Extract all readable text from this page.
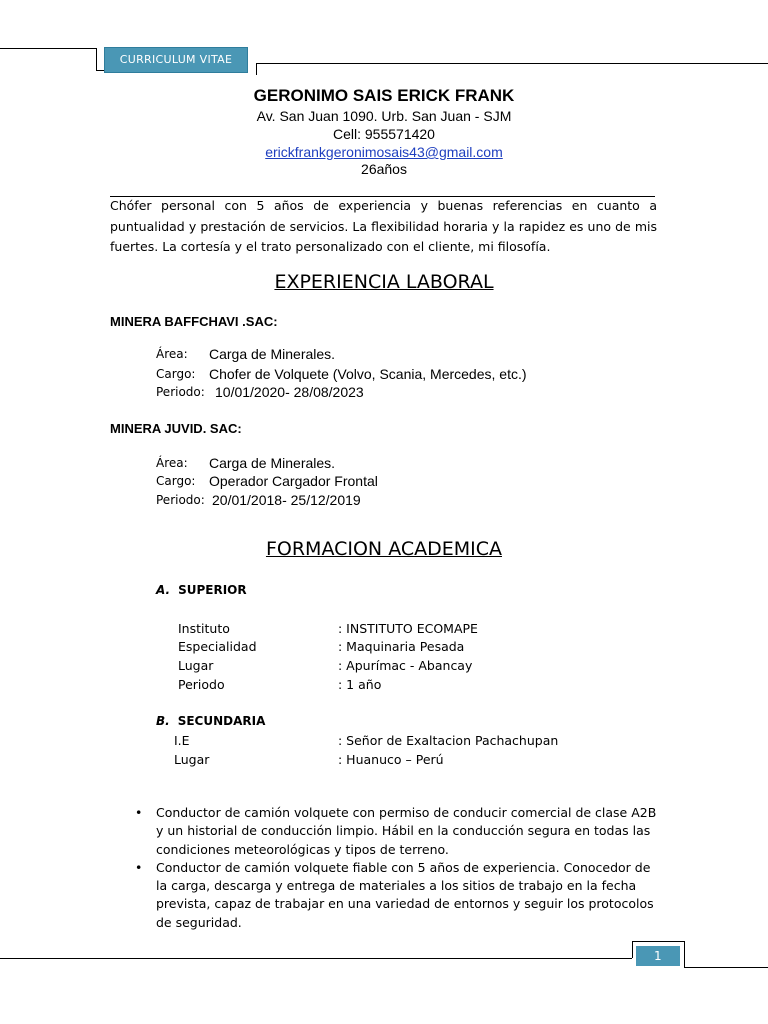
CURRICULUM VITAE
GERONIMO SAIS ERICK FRANK
Av. San Juan 1090. Urb. San Juan - SJM
Cell: 955571420
erickfrankgeronimosais43@gmail.com
26años
Chófer personal con 5 años de experiencia y buenas referencias en cuanto a puntualidad y prestación de servicios. La flexibilidad horaria y la rapidez es uno de mis fuertes. La cortesía y el trato personalizado con el cliente, mi filosofía.
EXPERIENCIA LABORAL
MINERA BAFFCHAVI .SAC:
Área: Carga de Minerales.
Cargo: Chofer de Volquete (Volvo, Scania, Mercedes, etc.)
Periodo: 10/01/2020- 28/08/2023
MINERA JUVID. SAC:
Área: Carga de Minerales.
Cargo: Operador Cargador Frontal
Periodo: 20/01/2018- 25/12/2019
FORMACION ACADEMICA
A. SUPERIOR
Instituto	: INSTITUTO ECOMAPE
Especialidad	: Maquinaria Pesada
Lugar	: Apurímac - Abancay
Periodo	: 1 año
B. SECUNDARIA
I.E	: Señor de Exaltacion Pachachupan
Lugar	: Huanuco – Perú
• Conductor de camión volquete con permiso de conducir comercial de clase A2B y un historial de conducción limpio. Hábil en la conducción segura en todas las condiciones meteorológicas y tipos de terreno.
• Conductor de camión volquete fiable con 5 años de experiencia. Conocedor de la carga, descarga y entrega de materiales a los sitios de trabajo en la fecha prevista, capaz de trabajar en una variedad de entornos y seguir los protocolos de seguridad.
1
